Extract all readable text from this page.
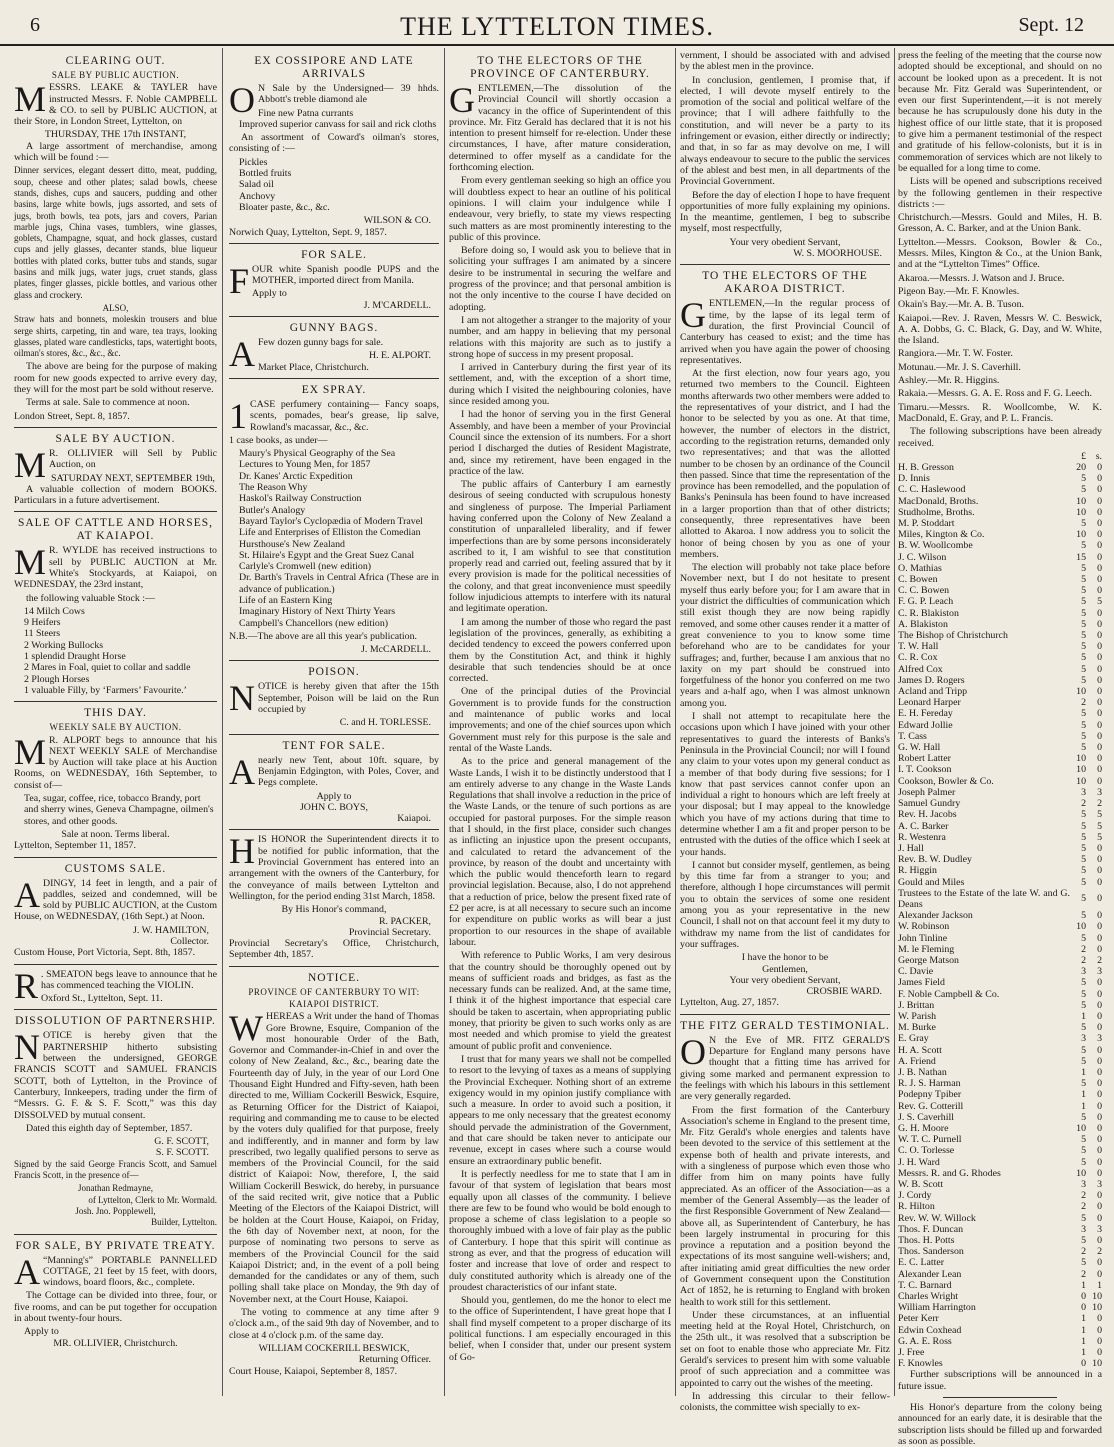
6	THE LYTTELTON TIMES.	Sept. 12
CLEARING OUT.
SALE BY PUBLIC AUCTION.

MESSRS. LEAKE & TAYLER have instructed Messrs. F. Noble CAMPBELL & CO. to sell by PUBLIC AUCTION, at their Store, in London Street, Lyttelton, on

THURSDAY, THE 17th INSTANT,

A large assortment of merchandise, among which will be found :—

Dinner services, elegant dessert ditto, meat, pudding, soup, cheese and other plates; salad bowls, cheese stands, dishes, cups and saucers, pudding and other basins, large white bowls, jugs assorted, and sets of jugs, broth bowls, tea pots, jars and covers, Parian marble jugs, China vases, tumblers, wine glasses, goblets, Champagne, squat, and hock glasses, custard cups and jelly glasses, decanter stands, blue liqueur bottles with plated corks, butter tubs and stands, sugar basins and milk jugs, water jugs, cruet stands, glass plates, finger glasses, pickle bottles, and various other glass and crockery.

ALSO,

Straw hats and bonnets, moleskin trousers and blue serge shirts, carpeting, tin and ware, tea trays, looking glasses, plated ware candlesticks, taps, watertight boots, oilman's stores, &c., &c., &c.

The above are being for the purpose of making room for new goods expected to arrive every day, they will for the most part be sold without reserve.

Terms at sale. Sale to commence at noon.

London Street, Sept. 8, 1857.

SALE BY AUCTION.

M R. OLLIVIER will Sell by Public Auction, on

SATURDAY NEXT, SEPTEMBER 19th,

A valuable collection of modern BOOKS. Particulars in a future advertisement.

SALE OF CATTLE AND HORSES, AT KAIAPOI.

M R. WYLDE has received instructions to sell by PUBLIC AUCTION at Mr. White's Stockyards, at Kaiapoi, on WEDNESDAY, the 23rd instant,

the following valuable Stock :—

14 Milch Cows
9 Heifers
11 Steers
2 Working Bullocks
1 splendid Draught Horse
2 Mares in Foal, quiet to collar and saddle
2 Plough Horses
1 valuable Filly, by ‘Farmers’ Favourite.’
THIS DAY.
WEEKLY SALE BY AUCTION.

M R. ALPORT begs to announce that his NEXT WEEKLY SALE of Merchandise by Auction will take place at his Auction Rooms, on WEDNESDAY, 16th September, to consist of—

Tea, sugar, coffee, rice, tobacco Brandy, port and sherry wines, Geneva Champagne, oilmen's stores, and other goods.

Sale at noon. Terms liberal.

Lyttelton, September 11, 1857.

CUSTOMS SALE.

ADINGY, 14 feet in length, and a pair of paddles, seized and condemned, will be sold by PUBLIC AUCTION, at the Custom House, on WEDNESDAY, (16th Sept.) at Noon.

J. W. HAMILTON,
Collector.

Custom House, Port Victoria, Sept. 8th, 1857.

R . SMEATON begs leave to announce that he has commenced teaching the VIOLIN.

Oxford St., Lyttelton, Sept. 11.

DISSOLUTION OF PARTNERSHIP.

NOTICE is hereby given that the PARTNERSHIP hitherto subsisting between the undersigned, GEORGE FRANCIS SCOTT and SAMUEL FRANCIS SCOTT, both of Lyttelton, in the Province of Canterbury, Innkeepers, trading under the firm of “Messrs. G. F. & S. F. Scott,” was this day DISSOLVED by mutual consent.

Dated this eighth day of September, 1857.

G. F. SCOTT,
S. F. SCOTT.

Signed by the said George Francis Scott, and Samuel Francis Scott, in the presence of—

Jonathan Redmayne,
of Lyttelton, Clerk to Mr. Wormald.
Josh. Jno. Popplewell,
Builder, Lyttelton.
FOR SALE, BY PRIVATE TREATY.

A “Manning's” PORTABLE PANNELLED COTTAGE, 21 feet by 15 feet, with doors, windows, board floors, &c., complete.

The Cottage can be divided into three, four, or five rooms, and can be put together for occupation in about twenty-four hours.

Apply to
MR. OLLIVIER, Christchurch.
EX COSSIPORE AND LATE ARRIVALS

O N Sale by the Undersigned— 39 hhds. Abbott's treble diamond ale

Fine new Patna currants
Improved superior canvass for sail and rick cloths

An assortment of Coward's oilman's stores, consisting of :—

Pickles
Bottled fruits
Salad oil
Anchovy
Bloater paste, &c., &c.
WILSON & CO.

Norwich Quay, Lyttelton, Sept. 9, 1857.

FOR SALE.

FOUR white Spanish poodle PUPS and the MOTHER, imported direct from Manila.

Apply to
J. M'CARDELL.
GUNNY BAGS.

A Few dozen gunny bags for sale.

H. E. ALPORT.

Market Place, Christchurch.

EX SPRAY.

1 CASE perfumery containing— Fancy soaps, scents, pomades, bear's grease, lip salve, Rowland's macassar, &c., &c.

1 case books, as under—

Maury's Physical Geography of the Sea
Lectures to Young Men, for 1857
Dr. Kanes' Arctic Expedition
The Reason Why
Haskol's Railway Construction
Butler's Analogy
Bayard Taylor's Cyclopædia of Modern Travel
Life and Enterprises of Elliston the Comedian
Hursthouse's New Zealand
St. Hilaire's Egypt and the Great Suez Canal
Carlyle's Cromwell (new edition)
Dr. Barth's Travels in Central Africa (These are in advance of publication.)
Life of an Eastern King
Imaginary History of Next Thirty Years
Campbell's Chancellors (new edition)

N.B.—The above are all this year's publication.

J. McCARDELL.
POISON.

NOTICE is hereby given that after the 15th September, Poison will be laid on the Run occupied by

C. and H. TORLESSE.
TENT FOR SALE.

Anearly new Tent, about 10ft. square, by Benjamin Edgington, with Poles, Cover, and Pegs complete.

Apply to
JOHN C. BOYS,
Kaiapoi.

HIS HONOR the Superintendent directs it to be notified for public information, that the Provincial Government has entered into an arrangement with the owners of the Canterbury, for the conveyance of mails between Lyttelton and Wellington, for the period ending 31st March, 1858.

By His Honor's command,
R. PACKER,
Provincial Secretary.

Provincial Secretary's Office, Christchurch, September 4th, 1857.

NOTICE.
PROVINCE OF CANTERBURY TO WIT:
KAIAPOI DISTRICT.

WHEREAS a Writ under the hand of Thomas Gore Browne, Esquire, Companion of the most honourable Order of the Bath, Governor and Commander-in-Chief in and over the colony of New Zealand, &c., &c., bearing date the Fourteenth day of July, in the year of our Lord One Thousand Eight Hundred and Fifty-seven, hath been directed to me, William Cockerill Beswick, Esquire, as Returning Officer for the District of Kaiapoi, requiring and commanding me to cause to be elected by the voters duly qualified for that purpose, freely and indifferently, and in manner and form by law prescribed, two legally qualified persons to serve as members of the Provincial Council, for the said district of Kaiapoi: Now, therefore, I, the said William Cockerill Beswick, do hereby, in pursuance of the said recited writ, give notice that a Public Meeting of the Electors of the Kaiapoi District, will be holden at the Court House, Kaiapoi, on Friday, the 6th day of November next, at noon, for the purpose of nominating two persons to serve as members of the Provincial Council for the said Kaiapoi District; and, in the event of a poll being demanded for the candidates or any of them, such polling shall take place on Monday, the 9th day of November next, at the Court House, Kaiapoi.

The voting to commence at any time after 9 o'clock a.m., of the said 9th day of November, and to close at 4 o'clock p.m. of the same day.

WILLIAM COCKERILL BESWICK,
Returning Officer.

Court House, Kaiapoi, September 8, 1857.

TO THE ELECTORS OF THE PROVINCE OF CANTERBURY.

GENTLEMEN,—The dissolution of the Provincial Council will shortly occasion a vacancy in the office of Superintendent of this province. Mr. Fitz Gerald has declared that it is not his intention to present himself for re-election. Under these circumstances, I have, after mature consideration, determined to offer myself as a candidate for the forthcoming election.

From every gentleman seeking so high an office you will doubtless expect to hear an outline of his political opinions. I will claim your indulgence while I endeavour, very briefly, to state my views respecting such matters as are most prominently interesting to the public of this province.

Before doing so, I would ask you to believe that in soliciting your suffrages I am animated by a sincere desire to be instrumental in securing the welfare and progress of the province; and that personal ambition is not the only incentive to the course I have decided on adopting.

I am not altogether a stranger to the majority of your number, and am happy in believing that my personal relations with this majority are such as to justify a strong hope of success in my present proposal.

I arrived in Canterbury during the first year of its settlement, and, with the exception of a short time, during which I visited the neighbouring colonies, have since resided among you.

I had the honor of serving you in the first General Assembly, and have been a member of your Provincial Council since the extension of its numbers. For a short period I discharged the duties of Resident Magistrate, and, since my retirement, have been engaged in the practice of the law.

The public affairs of Canterbury I am earnestly desirous of seeing conducted with scrupulous honesty and singleness of purpose. The Imperial Parliament having conferred upon the Colony of New Zealand a constitution of unparalleled liberality, and if fewer imperfections than are by some persons inconsiderately ascribed to it, I am wishful to see that constitution properly read and carried out, feeling assured that by it every provision is made for the political necessities of the colony, and that great inconvenience must speedily follow injudicious attempts to interfere with its natural and legitimate operation.

I am among the number of those who regard the past legislation of the provinces, generally, as exhibiting a decided tendency to exceed the powers conferred upon them by the Constitution Act, and think it highly desirable that such tendencies should be at once corrected.

One of the principal duties of the Provincial Government is to provide funds for the construction and maintenance of public works and local improvements; and one of the chief sources upon which Government must rely for this purpose is the sale and rental of the Waste Lands.

As to the price and general management of the Waste Lands, I wish it to be distinctly understood that I am entirely adverse to any change in the Waste Lands Regulations that shall involve a reduction in the price of the Waste Lands, or the tenure of such portions as are occupied for pastoral purposes. For the simple reason that I should, in the first place, consider such changes as inflicting an injustice upon the present occupants, and calculated to retard the advancement of the province, by reason of the doubt and uncertainty with which the public would thenceforth learn to regard provincial legislation. Because, also, I do not apprehend that a reduction of price, below the present fixed rate of £2 per acre, is at all necessary to secure such an income for expenditure on public works as will bear a just proportion to our resources in the shape of available labour.

With reference to Public Works, I am very desirous that the country should be thoroughly opened out by means of sufficient roads and bridges, as fast as the necessary funds can be realized. And, at the same time, I think it of the highest importance that especial care should be taken to ascertain, when appropriating public money, that priority be given to such works only as are most needed and which promise to yield the greatest amount of public profit and convenience.

I trust that for many years we shall not be compelled to resort to the levying of taxes as a means of supplying the Provincial Exchequer. Nothing short of an extreme exigency would in my opinion justify compliance with such a measure. In order to avoid such a position, it appears to me only necessary that the greatest economy should pervade the administration of the Government, and that care should be taken never to anticipate our revenue, except in cases where such a course would ensure an extraordinary public benefit.

It is perfectly needless for me to state that I am in favour of that system of legislation that bears most equally upon all classes of the community. I believe there are few to be found who would be bold enough to propose a scheme of class legislation to a people so thoroughly imbued with a love of fair play as the public of Canterbury. I hope that this spirit will continue as strong as ever, and that the progress of education will foster and increase that love of order and respect to duly constituted authority which is already one of the proudest characteristics of our infant state.

Should you, gentlemen, do me the honor to elect me to the office of Superintendent, I have great hope that I shall find myself competent to a proper discharge of its political functions. I am especially encouraged in this belief, when I consider that, under our present system of Go-

vernment, I should be associated with and advised by the ablest men in the province.

In conclusion, gentlemen, I promise that, if elected, I will devote myself entirely to the promotion of the social and political welfare of the province; that I will adhere faithfully to the constitution, and will never be a party to its infringement or evasion, either directly or indirectly; and that, in so far as may devolve on me, I will always endeavour to secure to the public the services of the ablest and best men, in all departments of the Provincial Government.

Before the day of election I hope to have frequent opportunities of more fully explaining my opinions. In the meantime, gentlemen, I beg to subscribe myself, most respectfully,

Your very obedient Servant,
W. S. MOORHOUSE.
TO THE ELECTORS OF THE AKAROA DISTRICT.

GENTLEMEN,—In the regular process of time, by the lapse of its legal term of duration, the first Provincial Council of Canterbury has ceased to exist; and the time has arrived when you have again the power of choosing representatives.

At the first election, now four years ago, you returned two members to the Council. Eighteen months afterwards two other members were added to the representatives of your district, and I had the honor to be selected by you as one. At that time, however, the number of electors in the district, according to the registration returns, demanded only two representatives; and that was the allotted number to be chosen by an ordinance of the Council then passed. Since that time the representation of the province has been remodelled, and the population of Banks's Peninsula has been found to have increased in a larger proportion than that of other districts; consequently, three representatives have been allotted to Akaroa. I now address you to solicit the honor of being chosen by you as one of your members.

The election will probably not take place before November next, but I do not hesitate to present myself thus early before you; for I am aware that in your district the difficulties of communication which still exist though they are now being rapidly removed, and some other causes render it a matter of great convenience to you to know some time beforehand who are to be candidates for your suffrages; and, further, because I am anxious that no laxity on my part should be construed into forgetfulness of the honor you conferred on me two years and a-half ago, when I was almost unknown among you.

I shall not attempt to recapitulate here the occasions upon which I have joined with your other representatives to guard the interests of Banks's Peninsula in the Provincial Council; nor will I found any claim to your votes upon my general conduct as a member of that body during five sessions; for I know that past services cannot confer upon an individual a right to honours which are left freely at your disposal; but I may appeal to the knowledge which you have of my actions during that time to determine whether I am a fit and proper person to be entrusted with the duties of the office which I seek at your hands.

I cannot but consider myself, gentlemen, as being by this time far from a stranger to you; and therefore, although I hope circumstances will permit you to obtain the services of some one resident among you as your representative in the new Council, I shall not on that account feel it my duty to withdraw my name from the list of candidates for your suffrages.

I have the honor to be
Gentlemen,
Your very obedient Servant,
CROSBIE WARD.

Lyttelton, Aug. 27, 1857.

THE FITZ GERALD TESTIMONIAL.

O N the Eve of MR. FITZ GERALD'S Departure for England many persons have thought that a fitting time has arrived for giving some marked and permanent expression to the feelings with which his labours in this settlement are very generally regarded.

From the first formation of the Canterbury Association's scheme in England to the present time, Mr. Fitz Gerald's whole energies and talents have been devoted to the service of this settlement at the expense both of health and private interests, and with a singleness of purpose which even those who differ from him on many points have fully appreciated. As an officer of the Association—as a member of the General Assembly—as the leader of the first Responsible Government of New Zealand—above all, as Superintendent of Canterbury, he has been largely instrumental in procuring for this province a reputation and a position beyond the expectations of its most sanguine well-wishers; and, after initiating amid great difficulties the new order of Government consequent upon the Constitution Act of 1852, he is returning to England with broken health to work still for this settlement.

Under these circumstances, at an influential meeting held at the Royal Hotel, Christchurch, on the 25th ult., it was resolved that a subscription be set on foot to enable those who appreciate Mr. Fitz Gerald's services to present him with some valuable proof of such appreciation and a committee was appointed to carry out the wishes of the meeting.

In addressing this circular to their fellow-colonists, the committee wish specially to ex-

press the feeling of the meeting that the course now adopted should be exceptional, and should on no account be looked upon as a precedent. It is not because Mr. Fitz Gerald was Superintendent, or even our first Superintendent,—it is not merely because he has scrupulously done his duty in the highest office of our little state, that it is proposed to give him a permanent testimonial of the respect and gratitude of his fellow-colonists, but it is in commemoration of services which are not likely to be equalled for a long time to come.

Lists will be opened and subscriptions received by the following gentlemen in their respective districts :—

Christchurch.—Messrs. Gould and Miles, H. B. Gresson, A. C. Barker, and at the Union Bank.

Lyttelton.—Messrs. Cookson, Bowler & Co., Messrs. Miles, Kington & Co., at the Union Bank, and at the “Lyttelton Times” Office.

Akaroa.—Messrs. J. Watson and J. Bruce.

Pigeon Bay.—Mr. F. Knowles.

Okain's Bay.—Mr. A. B. Tuson.

Kaiapoi.—Rev. J. Raven, Messrs W. C. Beswick, A. A. Dobbs, G. C. Black, G. Day, and W. White, the Island.

Rangiora.—Mr. T. W. Foster.

Motunau.—Mr. J. S. Caverhill.

Ashley.—Mr. R. Higgins.

Rakaia.—Messrs. G. A. E. Ross and F. G. Leech.

Timaru.—Messrs. R. Woollcombe, W. K. MacDonald, E. Gray, and P. L. Francis.

The following subscriptions have been already received.

	£	s.
H. B. Gresson	20	0
D. Innis	5	0
C. C. Haslewood	5	0
MacDonald, Broths.	10	0
Studholme, Broths.	10	0
M. P. Stoddart	5	0
Miles, Kington & Co.	10	0
B. W. Woollcombe	5	0
J. C. Wilson	15	0
O. Mathias	5	0
C. Bowen	5	0
C. C. Bowen	5	0
F. G. P. Leach	5	5
C. R. Blakiston	5	0
A. Blakiston	5	0
The Bishop of Christchurch	5	0
T. W. Hall	5	0
C. R. Cox	5	0
Alfred Cox	5	0
James D. Rogers	5	0
Acland and Tripp	10	0
Leonard Harper	2	0
E. H. Fereday	5	0
Edward Jollie	5	0
T. Cass	5	0
G. W. Hall	5	0
Robert Latter	10	0
I. T. Cookson	10	0
Cookson, Bowler & Co.	10	0
Joseph Palmer	3	3
Samuel Gundry	2	2
Rev. H. Jacobs	5	5
A. C. Barker	5	5
R. Westenra	5	5
J. Hall	5	0
Rev. B. W. Dudley	5	0
R. Higgin	5	0
Gould and Miles	5	0
Trustees to the Estate of the late W. and G. Deans	5	0
Alexander Jackson	5	0
W. Robinson	10	0
John Tinline	5	0
M. le Fleming	2	0
George Matson	2	2
C. Davie	3	3
James Field	5	0
F. Noble Campbell & Co.	5	0
J. Brittan	5	0
W. Parish	1	0
M. Burke	5	0
E. Gray	3	3
H. A. Scott	5	0
A. Friend	5	0
J. B. Nathan	1	0
R. J. S. Harman	5	0
Podepny Tpiber	1	0
Rev. G. Cotterill	1	0
J. S. Caverhill	5	0
G. H. Moore	10	0
W. T. C. Purnell	5	0
C. O. Torlesse	5	0
J. H. Ward	5	0
Messrs. R. and G. Rhodes	10	0
W. B. Scott	3	3
J. Cordy	2	0
R. Hilton	2	0
Rev. W. W. Willock	5	0
Thos. F. Duncan	3	3
Thos. H. Potts	5	0
Thos. Sanderson	2	2
E. C. Latter	5	0
Alexander Lean	2	0
T. C. Barnard	1	1
Charles Wright	0	10
William Harrington	0	10
Peter Kerr	1	0
Edwin Coxhead	1	0
G. A. E. Ross	1	0
J. Free	1	0
F. Knowles	0	10

Further subscriptions will be announced in a future issue.

His Honor's departure from the colony being announced for an early date, it is desirable that the subscription lists should be filled up and forwarded as soon as possible.
